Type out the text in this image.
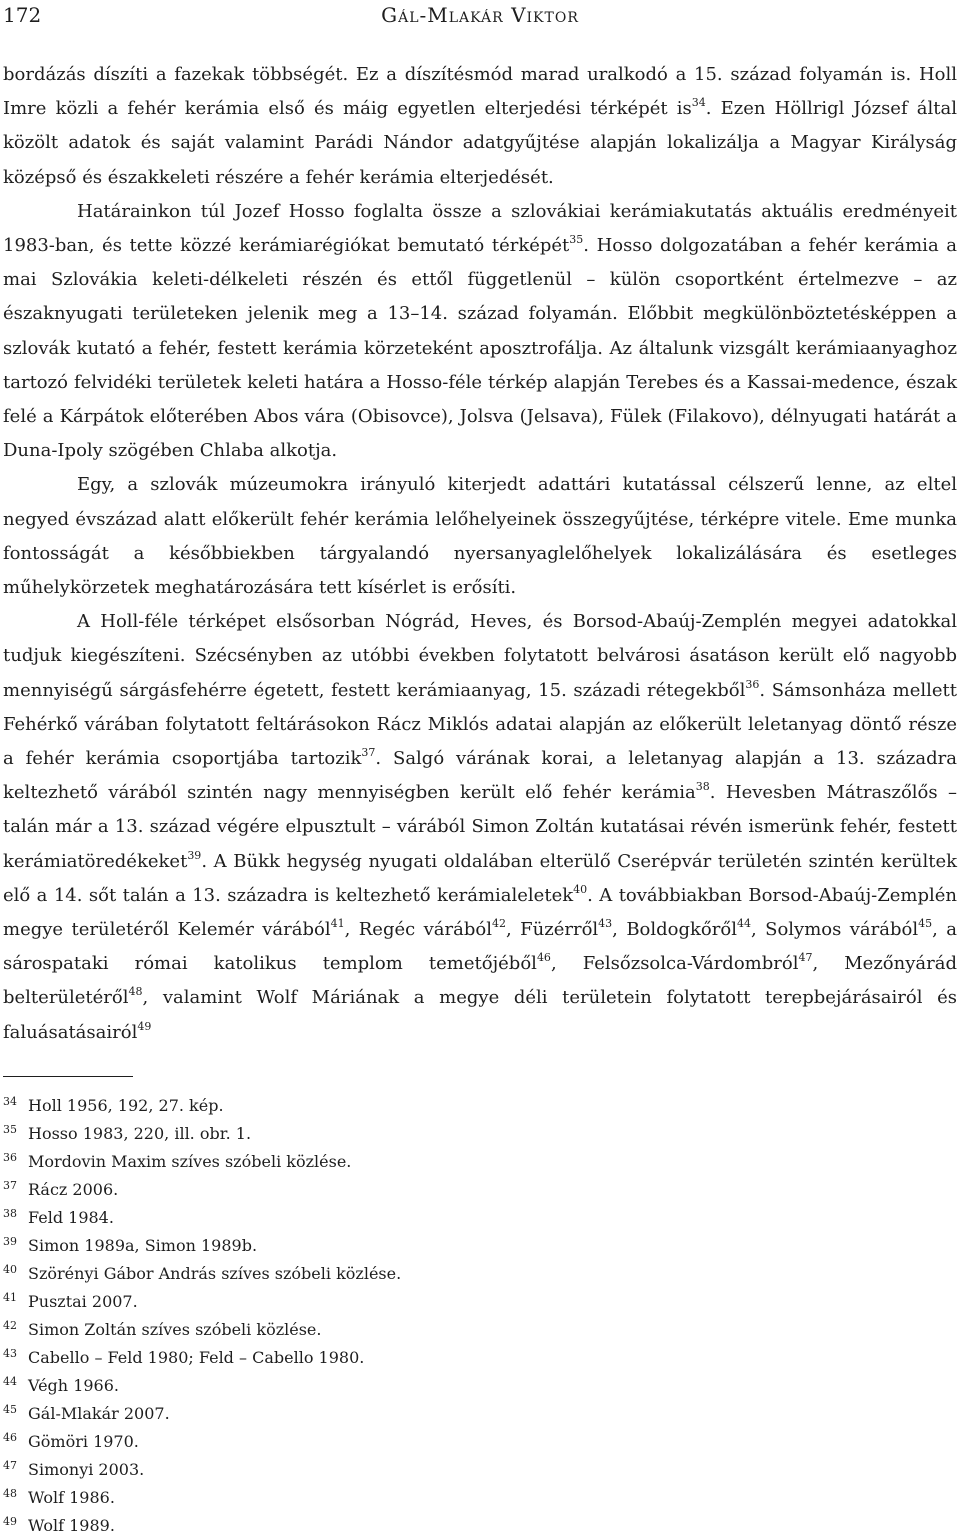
172	Gál-Mlakár Viktor

bordázás díszíti a fazekak többségét. Ez a díszítésmód marad uralkodó a 15. század folyamán is. Holl Imre közli a fehér kerámia első és máig egyetlen elterjedési térképét is$^{34}$. Ezen Höllrigl József által közölt adatok és saját valamint Parádi Nándor adatgyűjtése alapján lokalizálja a Magyar Királyság középső és északkeleti részére a fehér kerámia elterjedését.

Határainkon túl Jozef Hosso foglalta össze a szlovákiai kerámiakutatás aktuális eredményeit 1983-ban, és tette közzé kerámiarégiókat bemutató térképét$^{35}$. Hosso dolgozatában a fehér kerámia a mai Szlovákia keleti-délkeleti részén és ettől függetlenül – külön csoportként értelmezve – az északnyugati területeken jelenik meg a 13–14. század folyamán. Előbbit megkülönböztetésképpen a szlovák kutató a fehér, festett kerámia körzeteként aposztrofálja. Az általunk vizsgált kerámiaanyaghoz tartozó felvidéki területek keleti határa a Hosso-féle térkép alapján Terebes és a Kassai-medence, észak felé a Kárpátok előterében Abos vára (Obisovce), Jolsva (Jelsava), Fülek (Filakovo), délnyugati határát a Duna-Ipoly szögében Chlaba alkotja.

Egy, a szlovák múzeumokra irányuló kiterjedt adattári kutatással célszerű lenne, az eltel negyed évszázad alatt előkerült fehér kerámia lelőhelyeinek összegyűjtése, térképre vitele. Eme munka fontosságát a későbbiekben tárgyalandó nyersanyaglelőhelyek lokalizálására és esetleges műhelykörzetek meghatározására tett kísérlet is erősíti.

A Holl-féle térképet elsősorban Nógrád, Heves, és Borsod-Abaúj-Zemplén megyei adatokkal tudjuk kiegészíteni. Szécsényben az utóbbi években folytatott belvárosi ásatáson került elő nagyobb mennyiségű sárgásfehérre égetett, festett kerámiaanyag, 15. századi rétegekből$^{36}$. Sámsonháza mellett Fehérkő várában folytatott feltárásokon Rácz Miklós adatai alapján az előkerült leletanyag döntő része a fehér kerámia csoportjába tartozik$^{37}$. Salgó várának korai, a leletanyag alapján a 13. századra keltezhető várából szintén nagy mennyiségben került elő fehér kerámia$^{38}$. Hevesben Mátraszőlős – talán már a 13. század végére elpusztult – várából Simon Zoltán kutatásai révén ismerünk fehér, festett kerámiatöredékeket$^{39}$. A Bükk hegység nyugati oldalában elterülő Cserépvár területén szintén kerültek elő a 14. sőt talán a 13. századra is keltezhető kerámialeletek$^{40}$. A továbbiakban Borsod-Abaúj-Zemplén megye területéről Kelemér várából$^{41}$, Regéc várából$^{42}$, Füzérről$^{43}$, Boldogkőről$^{44}$, Solymos várából$^{45}$, a sárospataki római katolikus templom temetőjéből$^{46}$, Felsőzsolca-Várdombról$^{47}$, Mezőnyárád belterületéről$^{48}$, valamint Wolf Máriának a megye déli területein folytatott terepbejárásairól és faluásatásairól$^{49}$

34 Holl 1956, 192, 27. kép.
35 Hosso 1983, 220, ill. obr. 1.
36 Mordovin Maxim szíves szóbeli közlése.
37 Rácz 2006.
38 Feld 1984.
39 Simon 1989a, Simon 1989b.
40 Szörényi Gábor András szíves szóbeli közlése.
41 Pusztai 2007.
42 Simon Zoltán szíves szóbeli közlése.
43 Cabello – Feld 1980; Feld – Cabello 1980.
44 Végh 1966.
45 Gál-Mlakár 2007.
46 Gömöri 1970.
47 Simonyi 2003.
48 Wolf 1986.
49 Wolf 1989.
